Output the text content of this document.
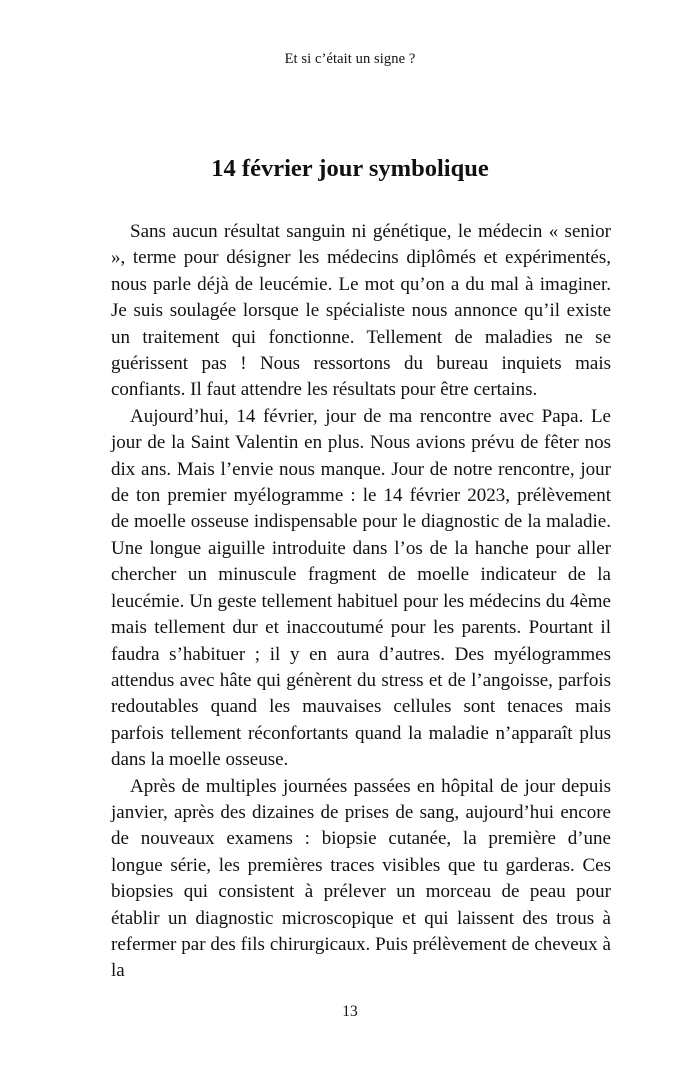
Et si c’était un signe ?
14 février jour symbolique

Sans aucun résultat sanguin ni génétique, le médecin « senior », terme pour désigner les médecins diplômés et expérimentés, nous parle déjà de leucémie. Le mot qu’on a du mal à imaginer. Je suis soulagée lorsque le spécialiste nous annonce qu’il existe un traitement qui fonctionne. Tellement de maladies ne se guérissent pas ! Nous ressortons du bureau inquiets mais confiants. Il faut attendre les résultats pour être certains.

Aujourd’hui, 14 février, jour de ma rencontre avec Papa. Le jour de la Saint Valentin en plus. Nous avions prévu de fêter nos dix ans. Mais l’envie nous manque. Jour de notre rencontre, jour de ton premier myélogramme : le 14 février 2023, prélèvement de moelle osseuse indispensable pour le diagnostic de la maladie. Une longue aiguille introduite dans l’os de la hanche pour aller chercher un minuscule fragment de moelle indicateur de la leucémie. Un geste tellement habituel pour les médecins du 4ème mais tellement dur et inaccoutumé pour les parents. Pourtant il faudra s’habituer ; il y en aura d’autres. Des myélogrammes attendus avec hâte qui génèrent du stress et de l’angoisse, parfois redoutables quand les mauvaises cellules sont tenaces mais parfois tellement réconfortants quand la maladie n’apparaît plus dans la moelle osseuse.

Après de multiples journées passées en hôpital de jour depuis janvier, après des dizaines de prises de sang, aujourd’hui encore de nouveaux examens : biopsie cutanée, la première d’une longue série, les premières traces visibles que tu garderas. Ces biopsies qui consistent à prélever un morceau de peau pour établir un diagnostic microscopique et qui laissent des trous à refermer par des fils chirurgicaux. Puis prélèvement de cheveux à la

13
